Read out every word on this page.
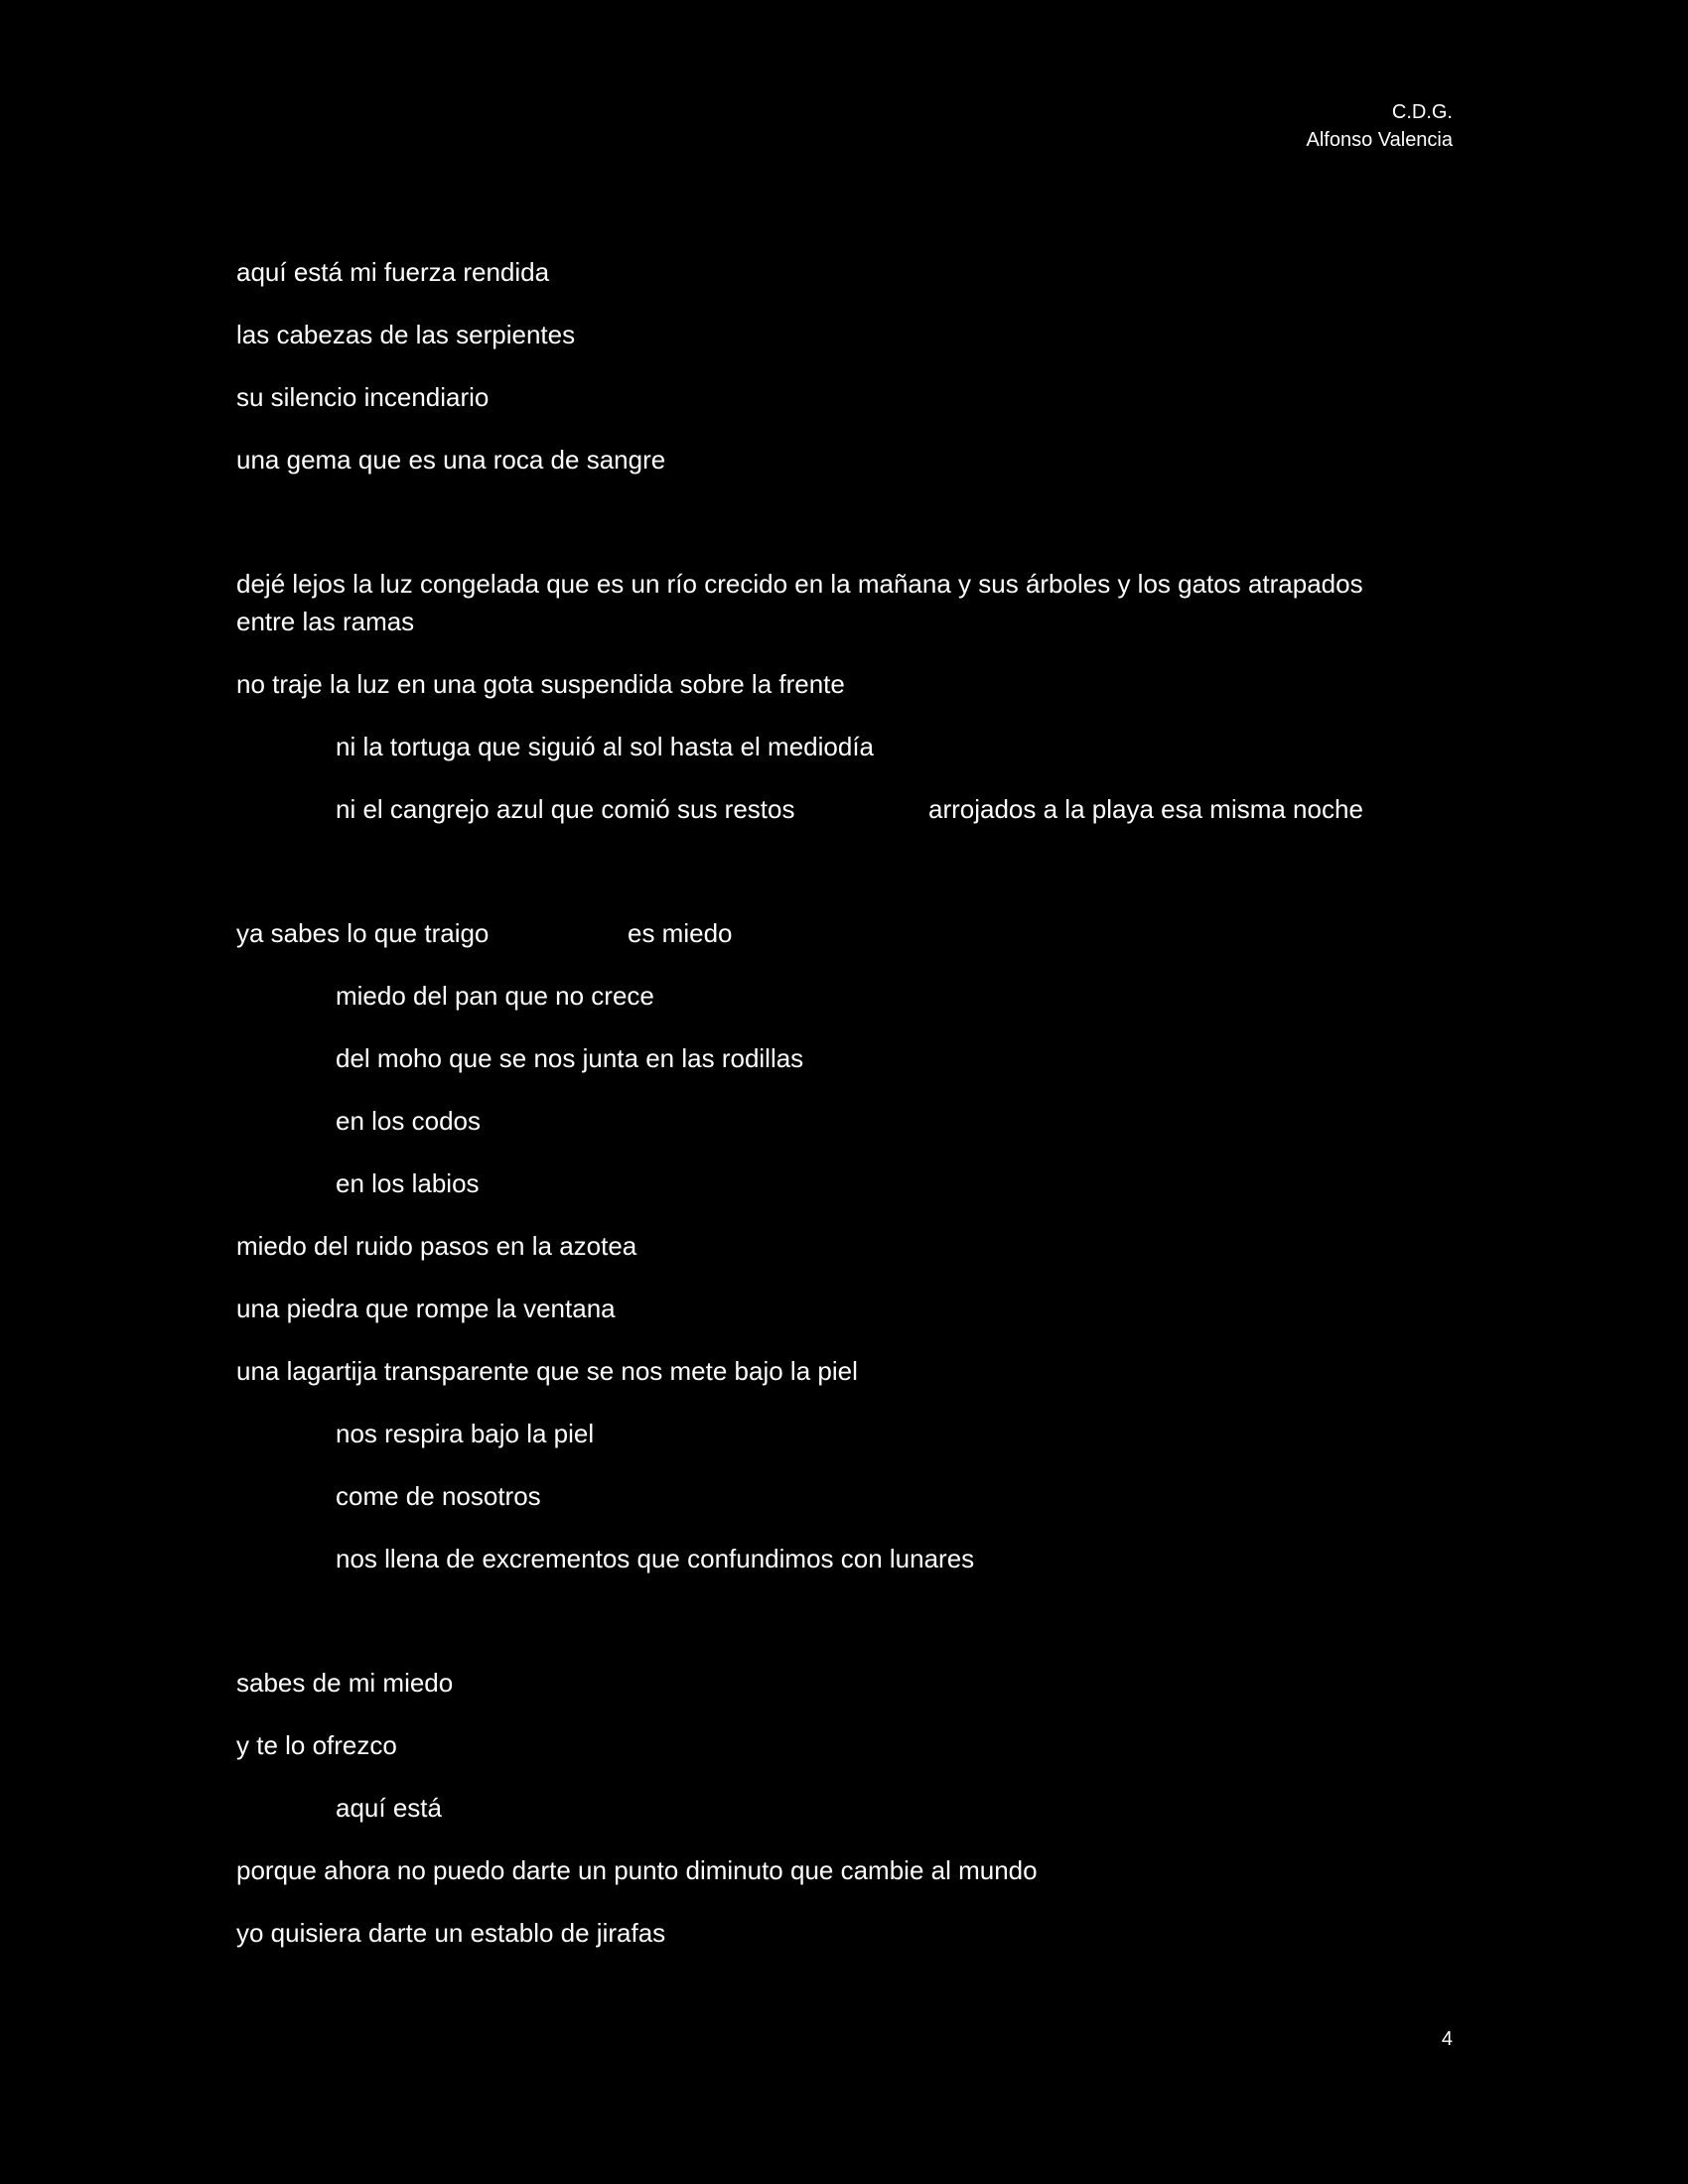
C.D.G.
Alfonso Valencia
aquí está mi fuerza rendida
las cabezas de las serpientes
su silencio incendiario
una gema que es una roca de sangre
dejé lejos la luz congelada que es un río crecido en la mañana y sus árboles y los gatos atrapados
entre las ramas
no traje la luz en una gota suspendida sobre la frente
ni la tortuga que siguió al sol hasta el mediodía
ni el cangrejo azul que comió sus restos	arrojados a la playa esa misma noche
ya sabes lo que traigo	es miedo
miedo del pan que no crece
del moho que se nos junta en las rodillas
en los codos
en los labios
miedo del ruido pasos en la azotea
una piedra que rompe la ventana
una lagartija transparente que se nos mete bajo la piel
nos respira bajo la piel
come de nosotros
nos llena de excrementos que confundimos con lunares
sabes de mi miedo
y te lo ofrezco
aquí está
porque ahora no puedo darte un punto diminuto que cambie al mundo
yo quisiera darte un establo de jirafas
4
